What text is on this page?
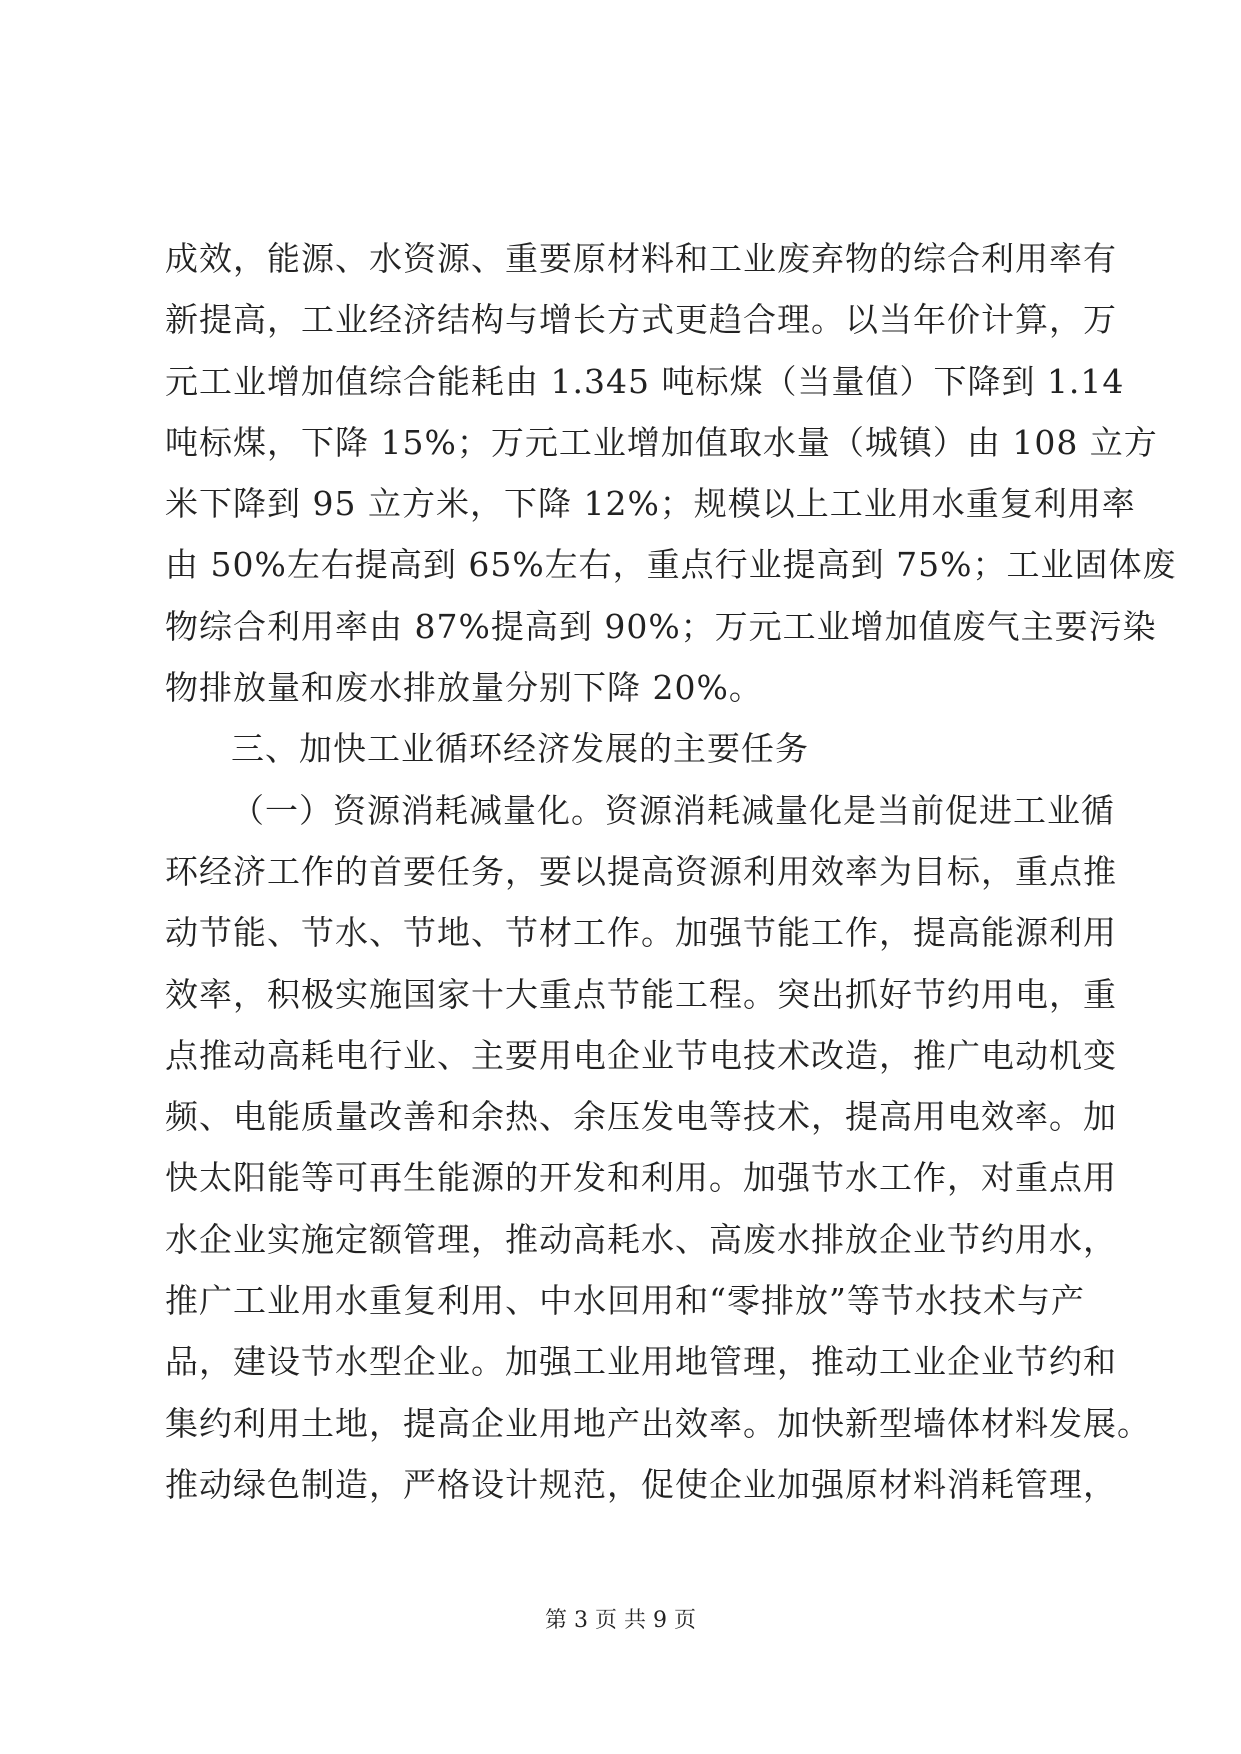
成效，能源、水资源、重要原材料和工业废弃物的综合利用率有
新提高，工业经济结构与增长方式更趋合理。以当年价计算，万
元工业增加值综合能耗由 1.345 吨标煤（当量值）下降到 1.14
吨标煤，下降 15%；万元工业增加值取水量（城镇）由 108 立方
米下降到 95 立方米，下降 12%；规模以上工业用水重复利用率
由 50%左右提高到 65%左右，重点行业提高到 75%；工业固体废
物综合利用率由 87%提高到 90%；万元工业增加值废气主要污染
物排放量和废水排放量分别下降 20%。
三、加快工业循环经济发展的主要任务
（一）资源消耗减量化。资源消耗减量化是当前促进工业循
环经济工作的首要任务，要以提高资源利用效率为目标，重点推
动节能、节水、节地、节材工作。加强节能工作，提高能源利用
效率，积极实施国家十大重点节能工程。突出抓好节约用电，重
点推动高耗电行业、主要用电企业节电技术改造，推广电动机变
频、电能质量改善和余热、余压发电等技术，提高用电效率。加
快太阳能等可再生能源的开发和利用。加强节水工作，对重点用
水企业实施定额管理，推动高耗水、高废水排放企业节约用水，
推广工业用水重复利用、中水回用和“零排放”等节水技术与产
品，建设节水型企业。加强工业用地管理，推动工业企业节约和
集约利用土地，提高企业用地产出效率。加快新型墙体材料发展。
推动绿色制造，严格设计规范，促使企业加强原材料消耗管理，
第 3 页 共 9 页
